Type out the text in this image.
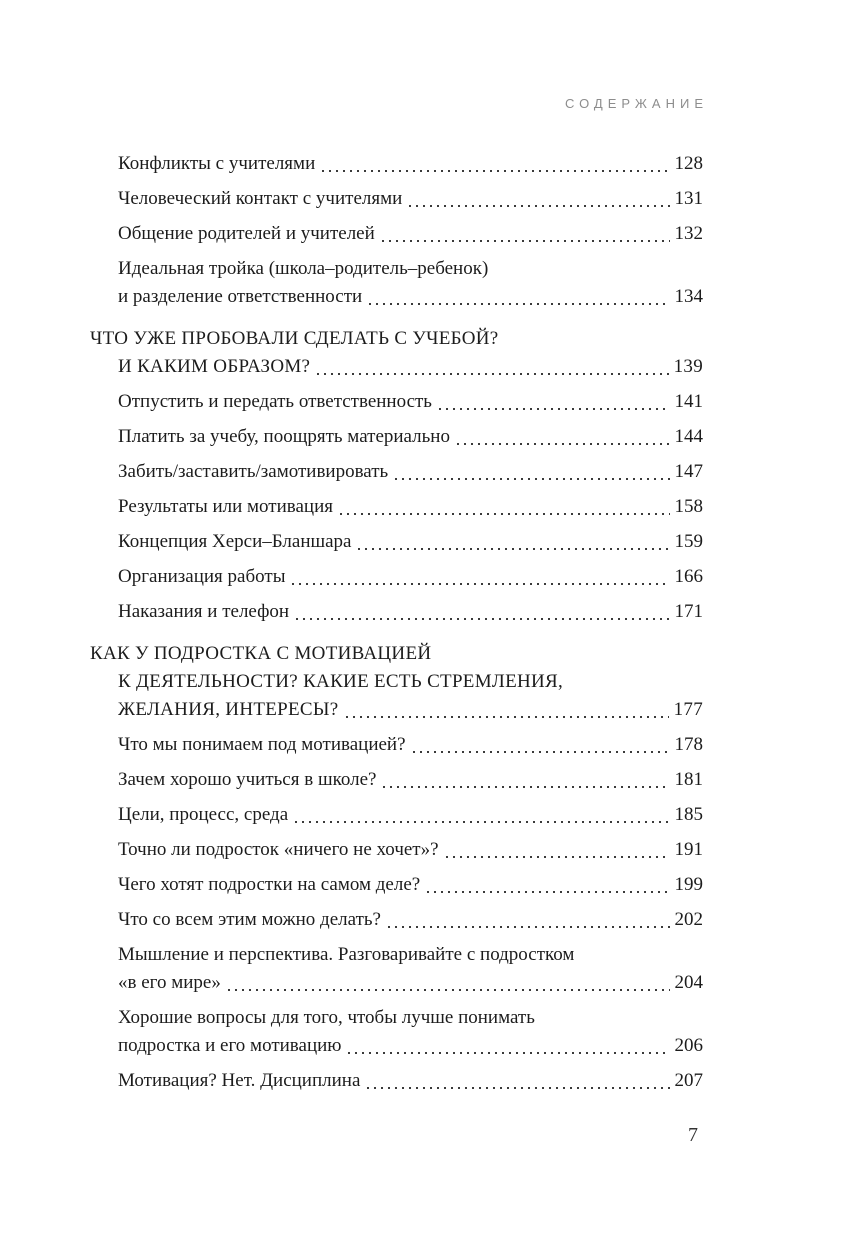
СОДЕРЖАНИЕ
Конфликты с учителями	128
Человеческий контакт с учителями	131
Общение родителей и учителей	132
Идеальная тройка (школа–родитель–ребенок)
и разделение ответственности	134
ЧТО УЖЕ ПРОБОВАЛИ СДЕЛАТЬ С УЧЕБОЙ?
И КАКИМ ОБРАЗОМ?	139
Отпустить и передать ответственность	141
Платить за учебу, поощрять материально	144
Забить/заставить/замотивировать	147
Результаты или мотивация	158
Концепция Херси–Бланшара	159
Организация работы	166
Наказания и телефон	171
КАК У ПОДРОСТКА С МОТИВАЦИЕЙ
К ДЕЯТЕЛЬНОСТИ? КАКИЕ ЕСТЬ СТРЕМЛЕНИЯ,
ЖЕЛАНИЯ, ИНТЕРЕСЫ?	177
Что мы понимаем под мотивацией?	178
Зачем хорошо учиться в школе?	181
Цели, процесс, среда	185
Точно ли подросток «ничего не хочет»?	191
Чего хотят подростки на самом деле?	199
Что со всем этим можно делать?	202
Мышление и перспектива. Разговаривайте с подростком
«в его мире»	204
Хорошие вопросы для того, чтобы лучше понимать
подростка и его мотивацию	206
Мотивация? Нет. Дисциплина	207
7
